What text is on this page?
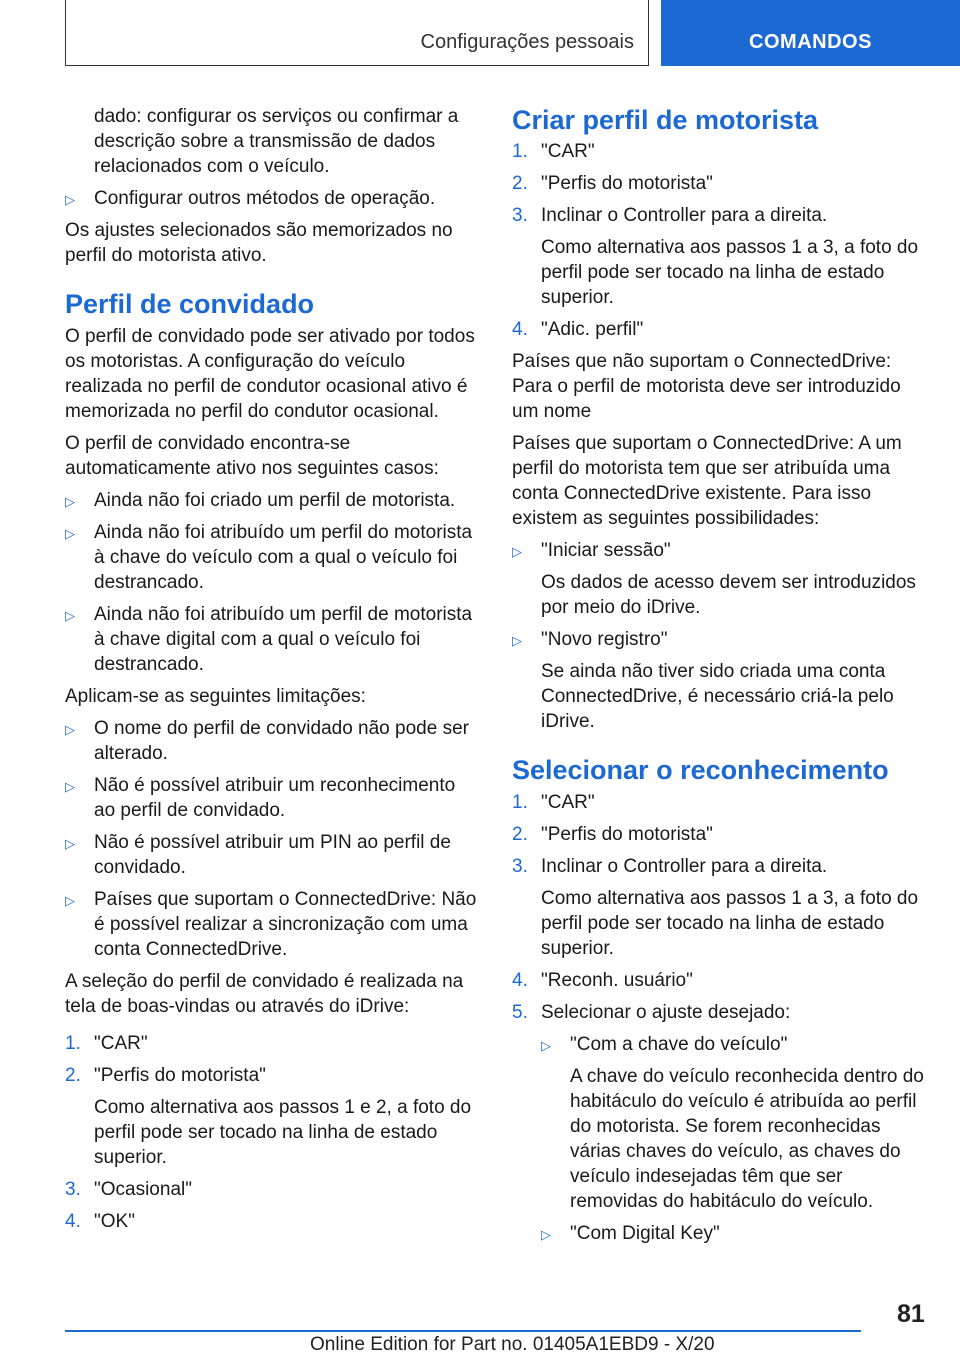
Configurações pessoais	COMANDOS
dado: configurar os serviços ou confirmar a descrição sobre a transmissão de dados relacionados com o veículo.
▷ Configurar outros métodos de operação.
Os ajustes selecionados são memorizados no perfil do motorista ativo.
Perfil de convidado
O perfil de convidado pode ser ativado por todos os motoristas. A configuração do veículo realizada no perfil de condutor ocasional ativo é memorizada no perfil do condutor ocasional.
O perfil de convidado encontra-se automaticamente ativo nos seguintes casos:
▷ Ainda não foi criado um perfil de motorista.
▷ Ainda não foi atribuído um perfil do motorista à chave do veículo com a qual o veículo foi destrancado.
▷ Ainda não foi atribuído um perfil de motorista à chave digital com a qual o veículo foi destrancado.
Aplicam-se as seguintes limitações:
▷ O nome do perfil de convidado não pode ser alterado.
▷ Não é possível atribuir um reconhecimento ao perfil de convidado.
▷ Não é possível atribuir um PIN ao perfil de convidado.
▷ Países que suportam o ConnectedDrive: Não é possível realizar a sincronização com uma conta ConnectedDrive.
A seleção do perfil de convidado é realizada na tela de boas-vindas ou através do iDrive:
1. "CAR"
2. "Perfis do motorista"
Como alternativa aos passos 1 e 2, a foto do perfil pode ser tocado na linha de estado superior.
3. "Ocasional"
4. "OK"
Criar perfil de motorista
1. "CAR"
2. "Perfis do motorista"
3. Inclinar o Controller para a direita.
Como alternativa aos passos 1 a 3, a foto do perfil pode ser tocado na linha de estado superior.
4. "Adic. perfil"
Países que não suportam o ConnectedDrive: Para o perfil de motorista deve ser introduzido um nome
Países que suportam o ConnectedDrive: A um perfil do motorista tem que ser atribuída uma conta ConnectedDrive existente. Para isso existem as seguintes possibilidades:
▷ "Iniciar sessão"
Os dados de acesso devem ser introduzidos por meio do iDrive.
▷ "Novo registro"
Se ainda não tiver sido criada uma conta ConnectedDrive, é necessário criá-la pelo iDrive.
Selecionar o reconhecimento
1. "CAR"
2. "Perfis do motorista"
3. Inclinar o Controller para a direita.
Como alternativa aos passos 1 a 3, a foto do perfil pode ser tocado na linha de estado superior.
4. "Reconh. usuário"
5. Selecionar o ajuste desejado:
▷ "Com a chave do veículo"
A chave do veículo reconhecida dentro do habitáculo do veículo é atribuída ao perfil do motorista. Se forem reconhecidas várias chaves do veículo, as chaves do veículo indesejadas têm que ser removidas do habitáculo do veículo.
▷ "Com Digital Key"
81
Online Edition for Part no. 01405A1EBD9 - X/20
